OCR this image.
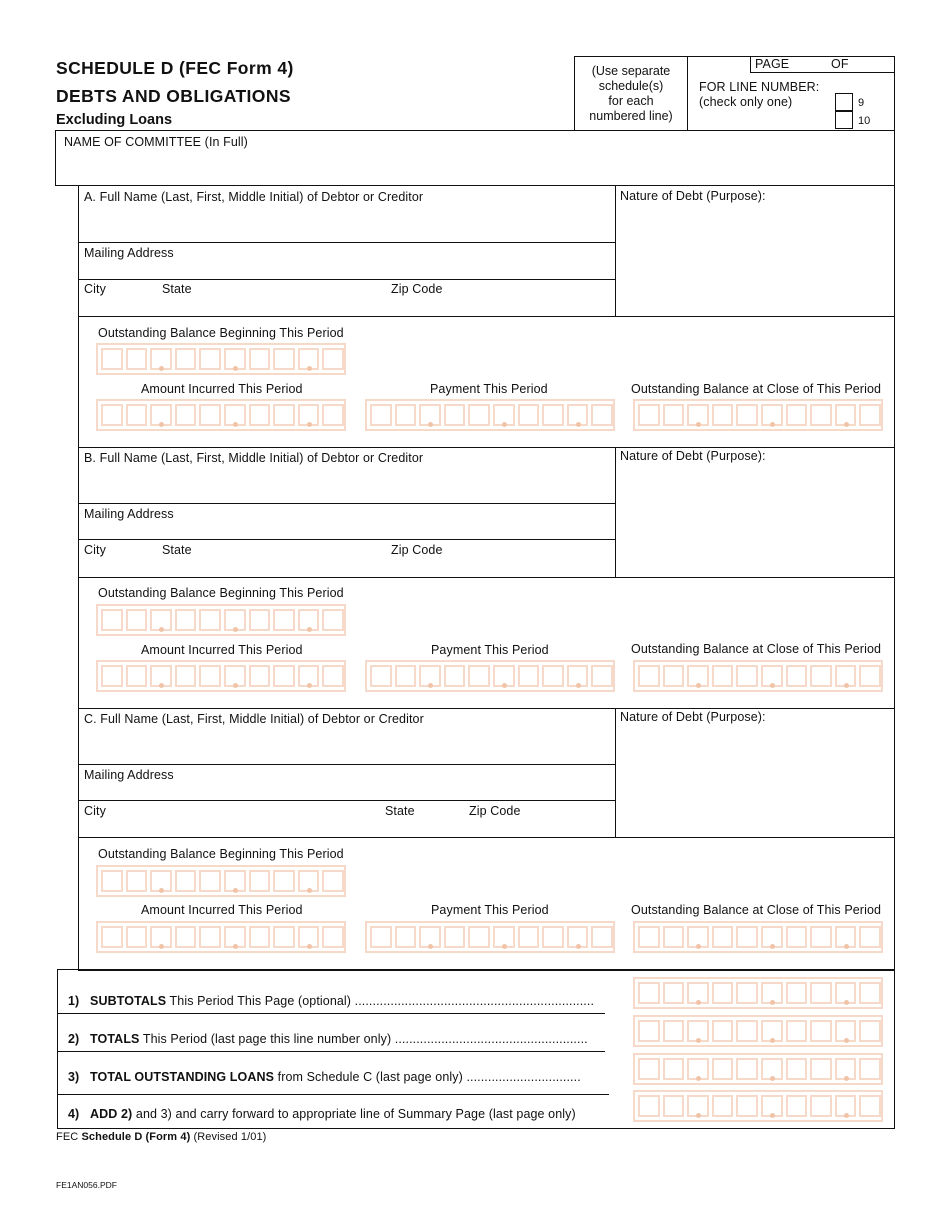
SCHEDULE D (FEC Form 4)
DEBTS AND OBLIGATIONS
Excluding Loans
(Use separate
schedule(s)
for each
numbered line)
PAGE	OF
FOR LINE NUMBER:
(check only one)	9
10
NAME OF COMMITTEE (In Full)
A. Full Name (Last, First, Middle Initial) of Debtor or Creditor	Nature of Debt (Purpose):
Mailing Address
City	State	Zip Code
Outstanding Balance Beginning This Period
Amount Incurred This Period	Payment This Period	Outstanding Balance at Close of This Period
B. Full Name (Last, First, Middle Initial) of Debtor or Creditor	Nature of Debt (Purpose):
Mailing Address
City	State	Zip Code
Outstanding Balance Beginning This Period
Amount Incurred This Period	Payment This Period	Outstanding Balance at Close of This Period
C. Full Name (Last, First, Middle Initial) of Debtor or Creditor	Nature of Debt (Purpose):
Mailing Address
City	State	Zip Code
Outstanding Balance Beginning This Period
Amount Incurred This Period	Payment This Period	Outstanding Balance at Close of This Period
1) SUBTOTALS This Period This Page (optional) ...................................................................
2) TOTALS This Period (last page this line number only) ......................................................
3) TOTAL OUTSTANDING LOANS from Schedule C (last page only) ................................
4) ADD 2) and 3) and carry forward to appropriate line of Summary Page (last page only)
FEC Schedule D (Form 4) (Revised 1/01)
FE1AN056.PDF
